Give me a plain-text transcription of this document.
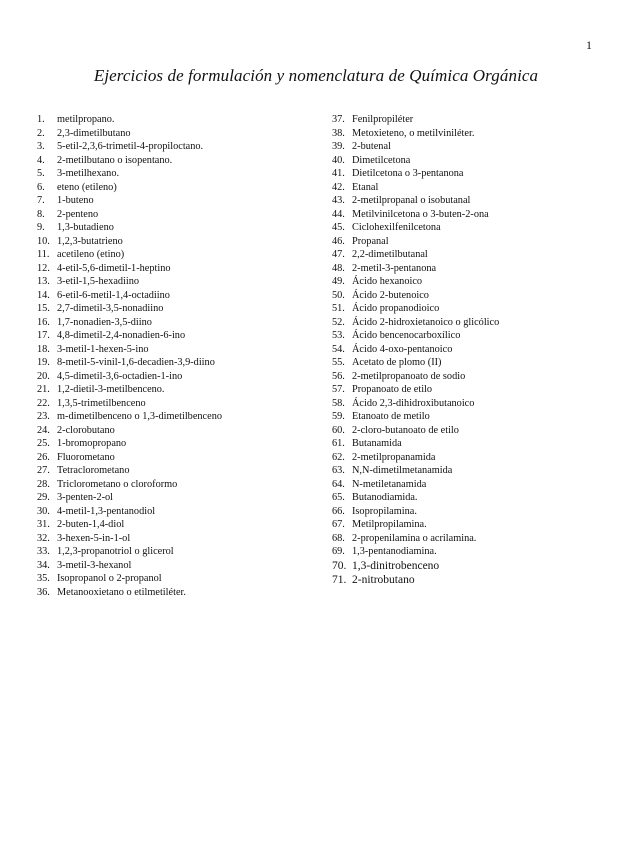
1
Ejercicios de formulación y nomenclatura de Química Orgánica
1.	metilpropano.
2.	2,3-dimetilbutano
3.	5-etil-2,3,6-trimetil-4-propiloctano.
4.	2-metilbutano o isopentano.
5.	3-metilhexano.
6.	eteno (etileno)
7.	1-buteno
8.	2-penteno
9.	1,3-butadieno
10. 1,2,3-butatrieno
11. acetileno (etino)
12. 4-etil-5,6-dimetil-1-heptino
13. 3-etil-1,5-hexadiino
14. 6-etil-6-metil-1,4-octadiino
15. 2,7-dimetil-3,5-nonadiino
16. 1,7-nonadien-3,5-diino
17. 4,8-dimetil-2,4-nonadien-6-ino
18. 3-metil-1-hexen-5-ino
19. 8-metil-5-vinil-1,6-decadien-3,9-diino
20. 4,5-dimetil-3,6-octadien-1-ino
21. 1,2-dietil-3-metilbenceno.
22. 1,3,5-trimetilbenceno
23. m-dimetilbenceno o 1,3-dimetilbenceno
24. 2-clorobutano
25. 1-bromopropano
26. Fluorometano
27. Tetraclorometano
28. Triclorometano o cloroformo
29. 3-penten-2-ol
30. 4-metil-1,3-pentanodiol
31. 2-buten-1,4-diol
32. 3-hexen-5-in-1-ol
33. 1,2,3-propanotriol o glicerol
34. 3-metil-3-hexanol
35. Isopropanol o 2-propanol
36. Metanooxietano o etilmetiléter.
37. Fenilpropiléter
38. Metoxieteno, o metilviniléter.
39. 2-butenal
40. Dimetilcetona
41. Dietilcetona o 3-pentanona
42. Etanal
43. 2-metilpropanal o isobutanal
44. Metilvinilcetona o 3-buten-2-ona
45. Ciclohexilfenilcetona
46. Propanal
47. 2,2-dimetilbutanal
48. 2-metil-3-pentanona
49. Ácido hexanoico
50. Ácido 2-butenoico
51. Ácido propanodioico
52. Ácido 2-hidroxietanoico o glicólico
53. Ácido bencenocarboxílico
54. Ácido 4-oxo-pentanoico
55. Acetato de plomo (II)
56. 2-metilpropanoato de sodio
57. Propanoato de etilo
58. Ácido 2,3-dihidroxibutanoico
59. Etanoato de metilo
60. 2-cloro-butanoato de etilo
61. Butanamida
62. 2-metilpropanamida
63. N,N-dimetilmetanamida
64. N-metiletanamida
65. Butanodiamida.
66. Isopropilamina.
67. Metilpropilamina.
68. 2-propenilamina o acrilamina.
69. 1,3-pentanodiamina.
70. 1,3-dinitrobenceno
71. 2-nitrobutano
